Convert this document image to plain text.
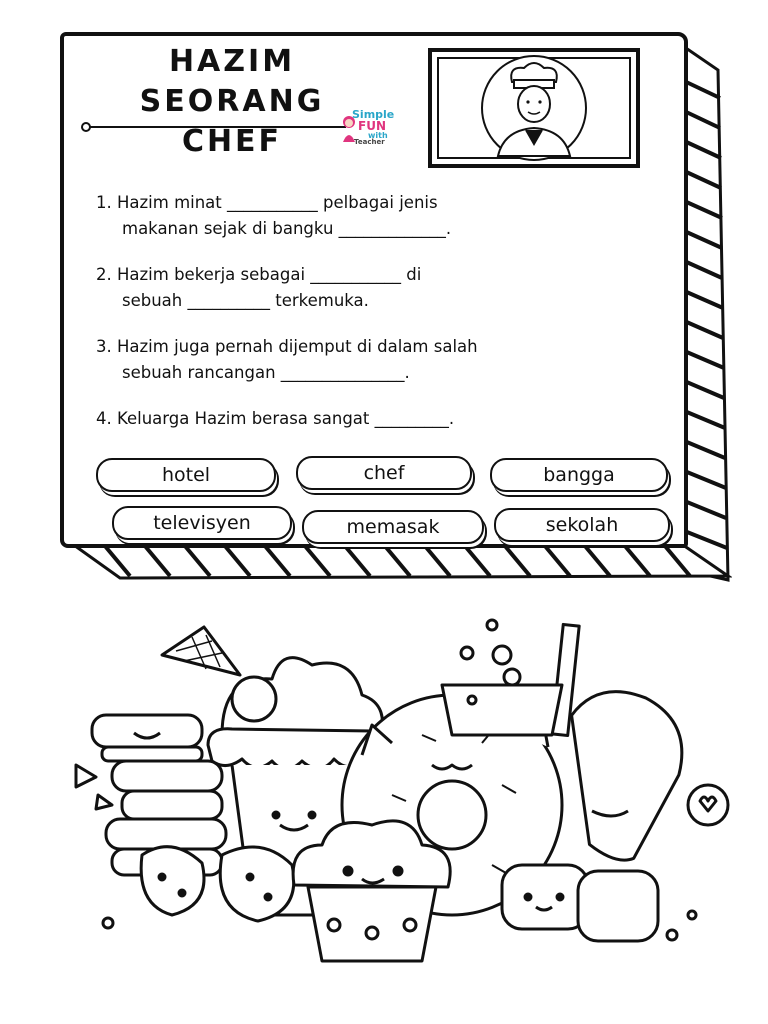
HAZIM SEORANG
CHEF
Simple
FUN
with
Teacher
1. Hazim minat ___________ pelbagai jenis
makanan sejak di bangku _____________.
2. Hazim bekerja sebagai ___________ di
sebuah __________ terkemuka.
3. Hazim juga pernah dijemput di dalam salah
sebuah rancangan _______________.
4. Keluarga Hazim berasa sangat _________.
hotel	chef	bangga
televisyen	memasak	sekolah
